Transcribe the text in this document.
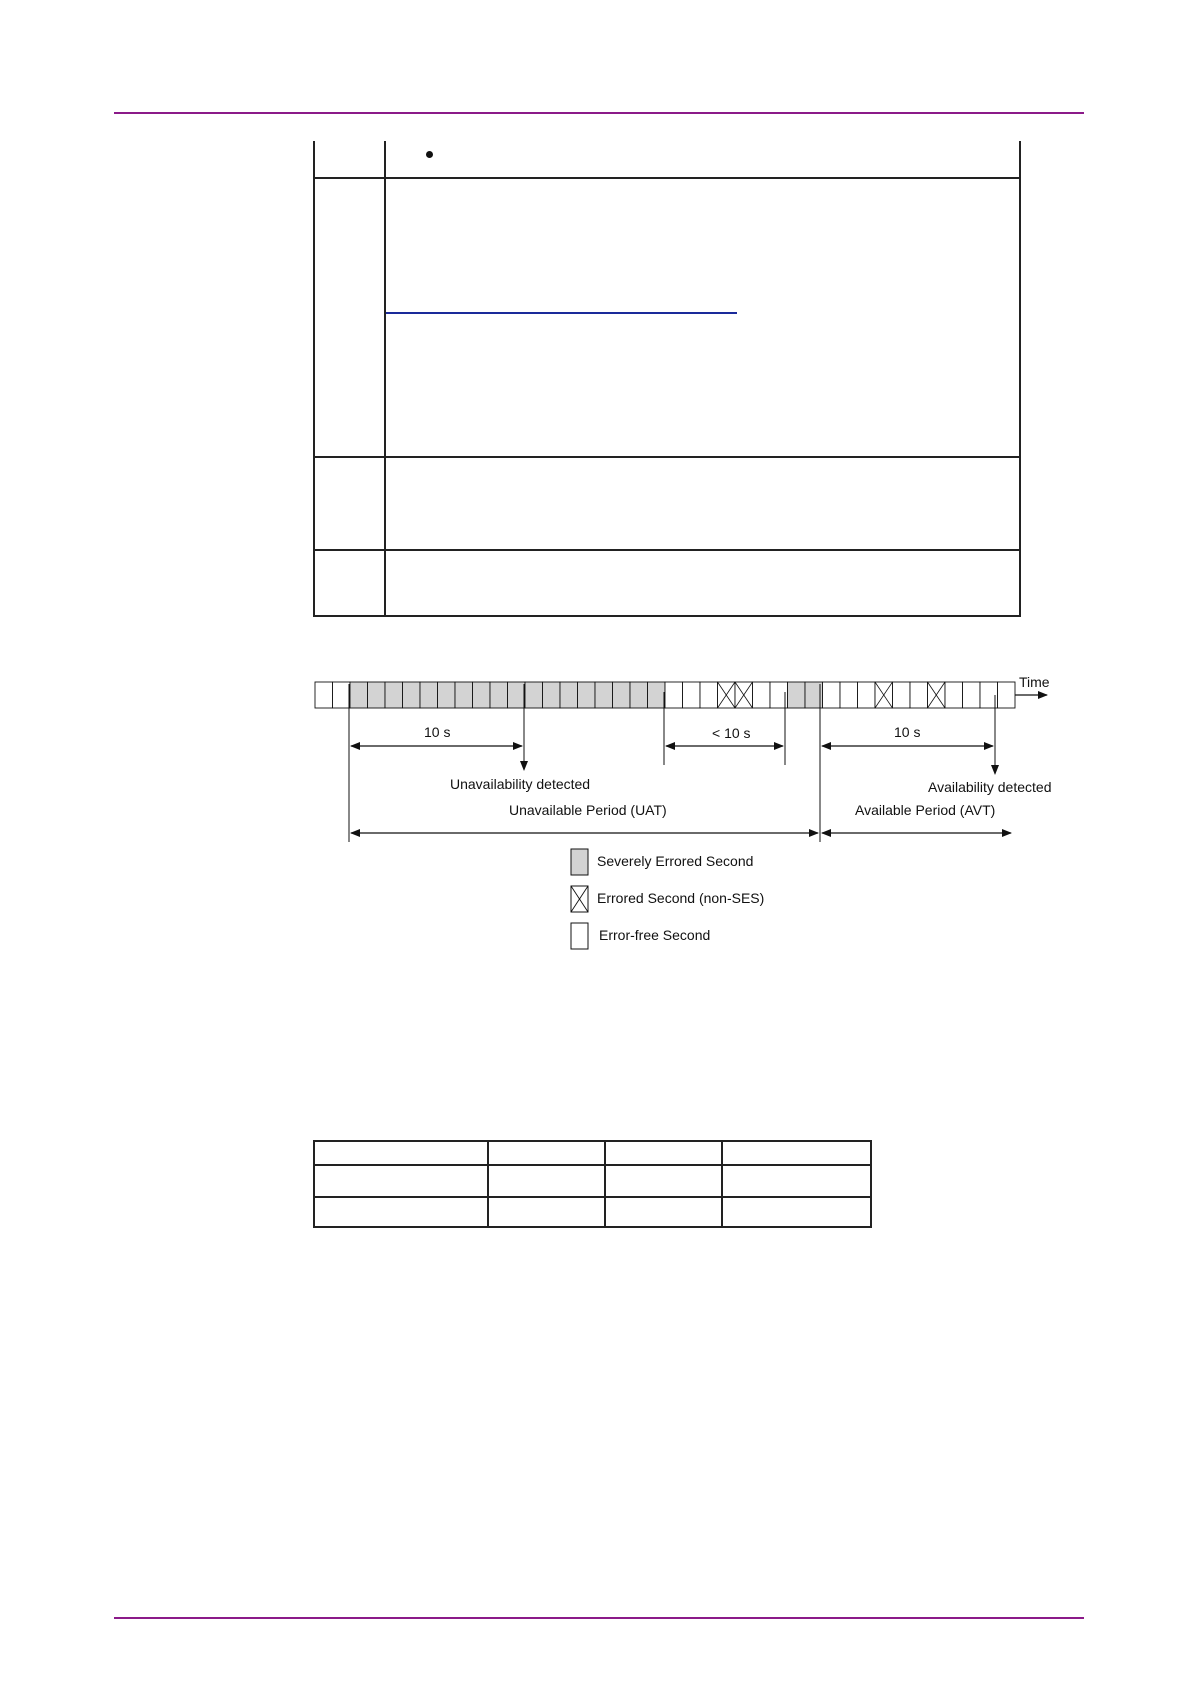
Time
10 s
Unavailability detected
< 10 s	10 s
Availability detected
Unavailable Period (UAT)	Available Period (AVT)
Severely Errored Second
Errored Second (non-SES)
Error-free Second
